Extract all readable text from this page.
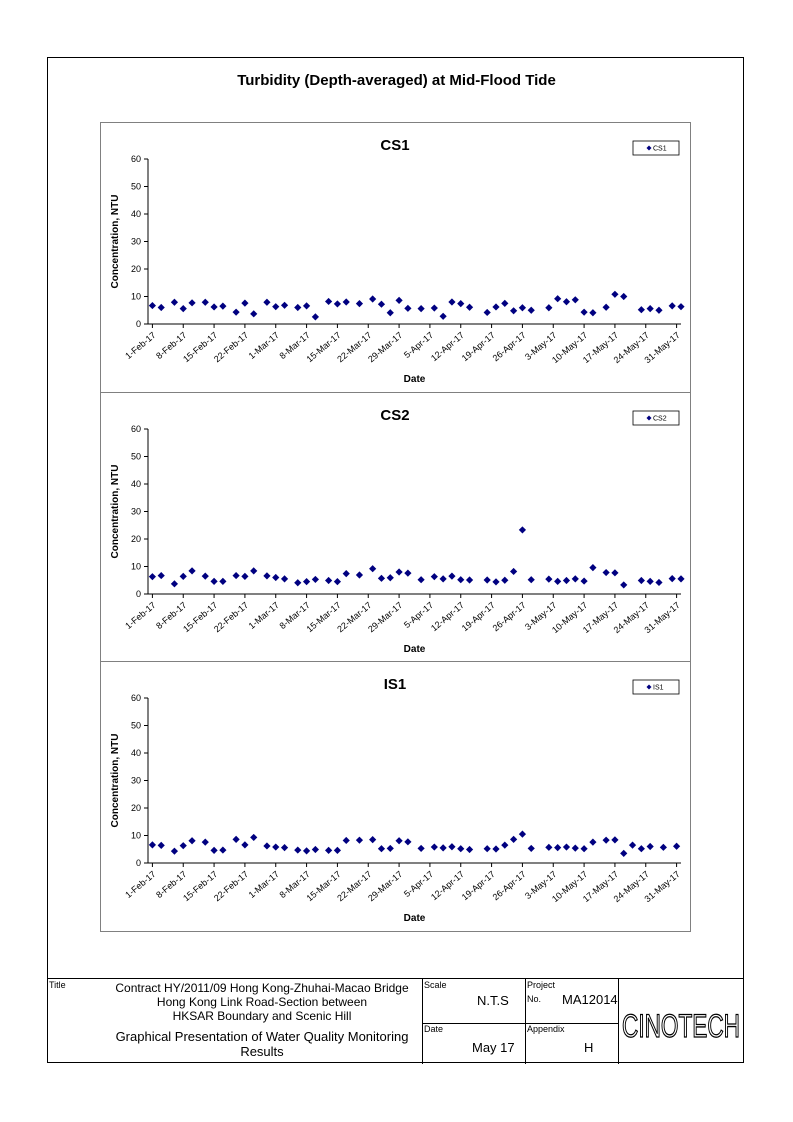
Turbidity (Depth-averaged) at Mid-Flood Tide
CS1
0
10
20
30
40
50
60
1-Feb-17
8-Feb-17
15-Feb-17
22-Feb-17
1-Mar-17
8-Mar-17
15-Mar-17
22-Mar-17
29-Mar-17
5-Apr-17
12-Apr-17
19-Apr-17
26-Apr-17
3-May-17
10-May-17
17-May-17
24-May-17
31-May-17
Date
Concentration, NTU
CS1
CS2
0
10
20
30
40
50
60
1-Feb-17
8-Feb-17
15-Feb-17
22-Feb-17
1-Mar-17
8-Mar-17
15-Mar-17
22-Mar-17
29-Mar-17
5-Apr-17
12-Apr-17
19-Apr-17
26-Apr-17
3-May-17
10-May-17
17-May-17
24-May-17
31-May-17
Date
Concentration, NTU
CS2
IS1
0
10
20
30
40
50
60
1-Feb-17
8-Feb-17
15-Feb-17
22-Feb-17
1-Mar-17
8-Mar-17
15-Mar-17
22-Mar-17
29-Mar-17
5-Apr-17
12-Apr-17
19-Apr-17
26-Apr-17
3-May-17
10-May-17
17-May-17
24-May-17
31-May-17
Date
Concentration, NTU
IS1
Title	Contract HY/2011/09 Hong Kong-Zhuhai-Macao Bridge
Hong Kong Link Road-Section between
HKSAR Boundary and Scenic Hill
Graphical Presentation of Water Quality Monitoring
Results
Scale
N.T.S
Date
May 17
Project
No. MA12014
Appendix
H
CINOTECH
